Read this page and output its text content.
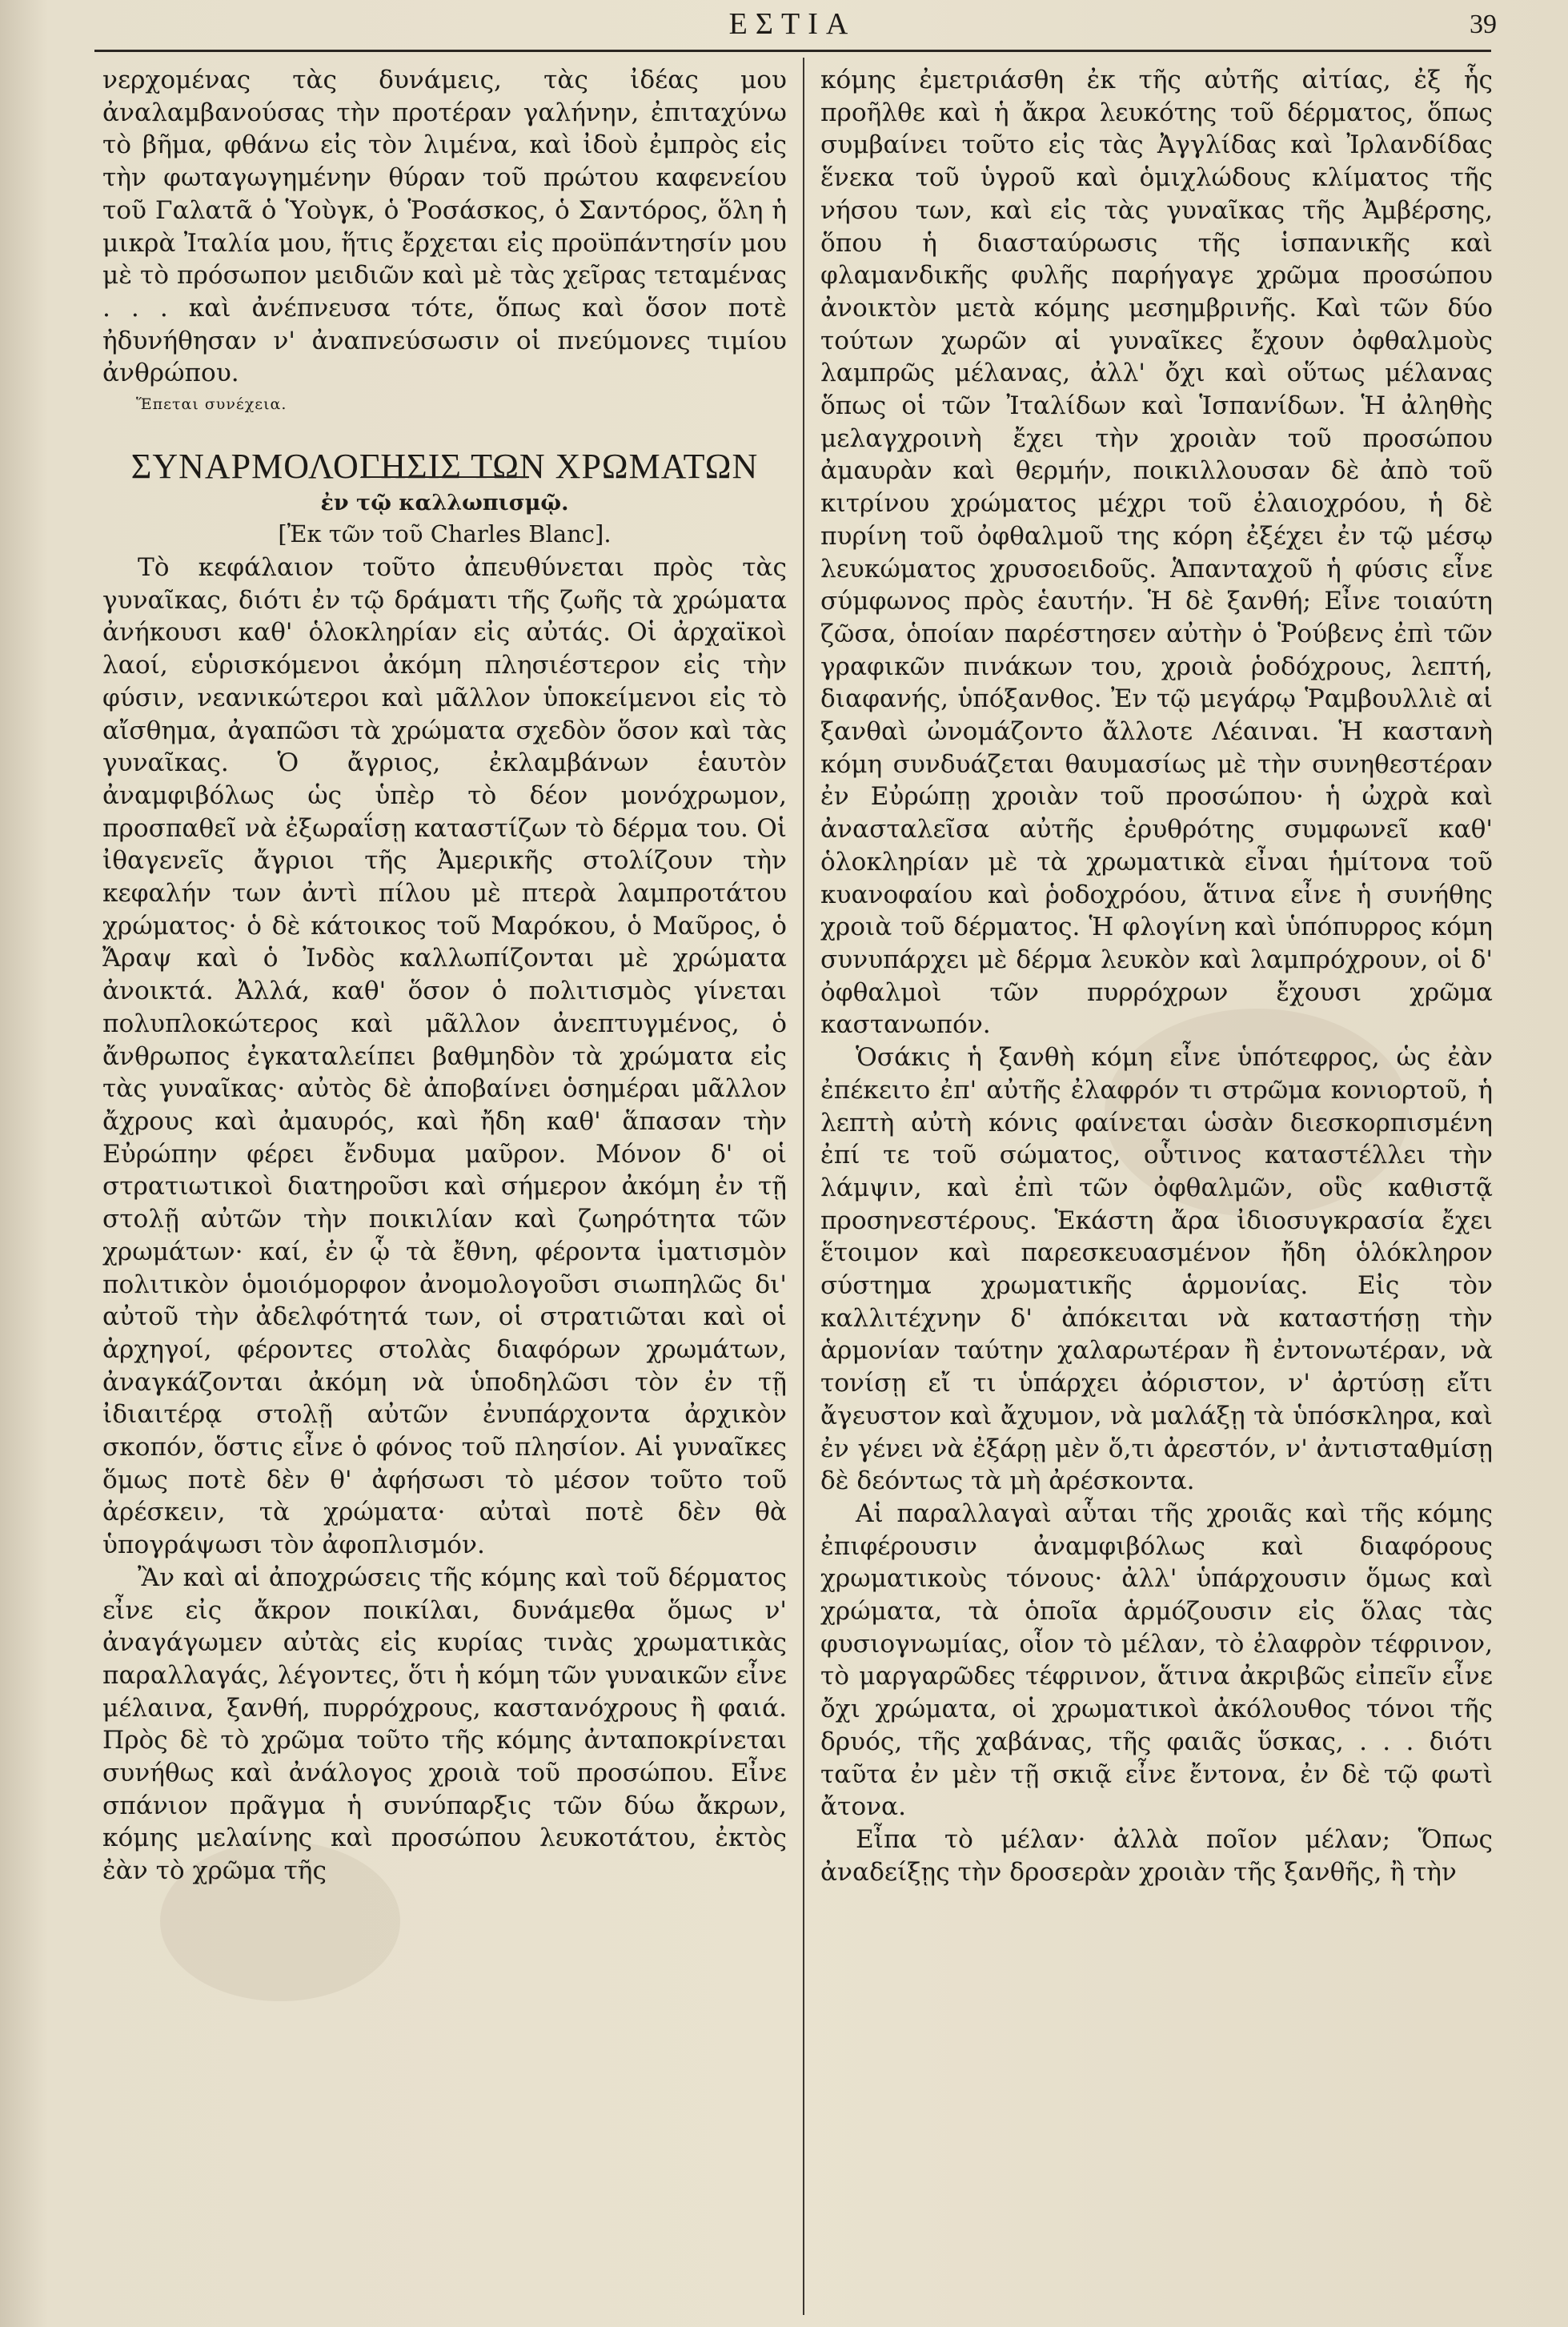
ΕΣΤΙΑ	39

νερχομένας τὰς δυνάμεις, τὰς ἰδέας μου ἀναλαμβανούσας τὴν προτέραν γαλήνην, ἐπιταχύνω τὸ βῆμα, φθάνω εἰς τὸν λιμένα, καὶ ἰδοὺ ἐμπρὸς εἰς τὴν φωταγωγημένην θύραν τοῦ πρώτου καφενείου τοῦ Γαλατᾶ ὁ Ὑοὺγκ, ὁ Ῥοσάσκος, ὁ Σαντόρος, ὅλη ἡ μικρὰ Ἰταλία μου, ἥτις ἔρχεται εἰς προϋπάντησίν μου μὲ τὸ πρόσωπον μειδιῶν καὶ μὲ τὰς χεῖρας τεταμένας . . . καὶ ἀνέπνευσα τότε, ὅπως καὶ ὅσον ποτὲ ἠδυνήθησαν ν' ἀναπνεύσωσιν οἱ πνεύμονες τιμίου ἀνθρώπου.

Ἕπεται συνέχεια.

ΣΥΝΑΡΜΟΛΟΓΗΣΙΣ ΤΩΝ ΧΡΩΜΑΤΩΝ

ἐν τῷ καλλωπισμῷ.

[Ἐκ τῶν τοῦ Charles Blanc].

Τὸ κεφάλαιον τοῦτο ἀπευθύνεται πρὸς τὰς γυναῖκας, διότι ἐν τῷ δράματι τῆς ζωῆς τὰ χρώματα ἀνήκουσι καθ' ὁλοκληρίαν εἰς αὐτάς. Οἱ ἀρχαϊκοὶ λαοί, εὑρισκόμενοι ἀκόμη πλησιέστερον εἰς τὴν φύσιν, νεανικώτεροι καὶ μᾶλλον ὑποκείμενοι εἰς τὸ αἴσθημα, ἀγαπῶσι τὰ χρώματα σχεδὸν ὅσον καὶ τὰς γυναῖκας. Ὁ ἄγριος, ἐκλαμβάνων ἑαυτὸν ἀναμφιβόλως ὡς ὑπὲρ τὸ δέον μονόχρωμον, προσπαθεῖ νὰ ἐξωραΐσῃ καταστίζων τὸ δέρμα του. Οἱ ἰθαγενεῖς ἄγριοι τῆς Ἀμερικῆς στολίζουν τὴν κεφαλήν των ἀντὶ πίλου μὲ πτερὰ λαμπροτάτου χρώματος· ὁ δὲ κάτοικος τοῦ Μαρόκου, ὁ Μαῦρος, ὁ Ἄραψ καὶ ὁ Ἰνδὸς καλλωπίζονται μὲ χρώματα ἀνοικτά. Ἀλλά, καθ' ὅσον ὁ πολιτισμὸς γίνεται πολυπλοκώτερος καὶ μᾶλλον ἀνεπτυγμένος, ὁ ἄνθρωπος ἐγκαταλείπει βαθμηδὸν τὰ χρώματα εἰς τὰς γυναῖκας· αὐτὸς δὲ ἀποβαίνει ὁσημέραι μᾶλλον ἄχρους καὶ ἀμαυρός, καὶ ἤδη καθ' ἅπασαν τὴν Εὐρώπην φέρει ἔνδυμα μαῦρον. Μόνον δ' οἱ στρατιωτικοὶ διατηροῦσι καὶ σήμερον ἀκόμη ἐν τῇ στολῇ αὐτῶν τὴν ποικιλίαν καὶ ζωηρότητα τῶν χρωμάτων· καί, ἐν ᾧ τὰ ἔθνη, φέροντα ἱματισμὸν πολιτικὸν ὁμοιόμορφον ἀνομολογοῦσι σιωπηλῶς δι' αὐτοῦ τὴν ἀδελφότητά των, οἱ στρατιῶται καὶ οἱ ἀρχηγοί, φέροντες στολὰς διαφόρων χρωμάτων, ἀναγκάζονται ἀκόμη νὰ ὑποδηλῶσι τὸν ἐν τῇ ἰδιαιτέρᾳ στολῇ αὐτῶν ἐνυπάρχοντα ἀρχικὸν σκοπόν, ὅστις εἶνε ὁ φόνος τοῦ πλησίον. Αἱ γυναῖκες ὅμως ποτὲ δὲν θ' ἀφήσωσι τὸ μέσον τοῦτο τοῦ ἀρέσκειν, τὰ χρώματα· αὐταὶ ποτὲ δὲν θὰ ὑπογράψωσι τὸν ἀφοπλισμόν.

Ἂν καὶ αἱ ἀποχρώσεις τῆς κόμης καὶ τοῦ δέρματος εἶνε εἰς ἄκρον ποικίλαι, δυνάμεθα ὅμως ν' ἀναγάγωμεν αὐτὰς εἰς κυρίας τινὰς χρωματικὰς παραλλαγάς, λέγοντες, ὅτι ἡ κόμη τῶν γυναικῶν εἶνε μέλαινα, ξανθή, πυρρόχρους, καστανόχρους ἢ φαιά. Πρὸς δὲ τὸ χρῶμα τοῦτο τῆς κόμης ἀνταποκρίνεται συνήθως καὶ ἀνάλογος χροιὰ τοῦ προσώπου. Εἶνε σπάνιον πρᾶγμα ἡ συνύπαρξις τῶν δύω ἄκρων, κόμης μελαίνης καὶ προσώπου λευκοτάτου, ἐκτὸς ἐὰν τὸ χρῶμα τῆς

κόμης ἐμετριάσθη ἐκ τῆς αὐτῆς αἰτίας, ἐξ ἧς προῆλθε καὶ ἡ ἄκρα λευκότης τοῦ δέρματος, ὅπως συμβαίνει τοῦτο εἰς τὰς Ἀγγλίδας καὶ Ἰρλανδίδας ἕνεκα τοῦ ὑγροῦ καὶ ὁμιχλώδους κλίματος τῆς νήσου των, καὶ εἰς τὰς γυναῖκας τῆς Ἀμβέρσης, ὅπου ἡ διασταύρωσις τῆς ἱσπανικῆς καὶ φλαμανδικῆς φυλῆς παρήγαγε χρῶμα προσώπου ἀνοικτὸν μετὰ κόμης μεσημβρινῆς. Καὶ τῶν δύο τούτων χωρῶν αἱ γυναῖκες ἔχουν ὀφθαλμοὺς λαμπρῶς μέλανας, ἀλλ' ὄχι καὶ οὕτως μέλανας ὅπως οἱ τῶν Ἰταλίδων καὶ Ἱσπανίδων. Ἡ ἀληθὴς μελαγχροινὴ ἔχει τὴν χροιὰν τοῦ προσώπου ἀμαυρὰν καὶ θερμήν, ποικιλλουσαν δὲ ἀπὸ τοῦ κιτρίνου χρώματος μέχρι τοῦ ἐλαιοχρόου, ἡ δὲ πυρίνη τοῦ ὀφθαλμοῦ της κόρη ἐξέχει ἐν τῷ μέσῳ λευκώματος χρυσοειδοῦς. Ἁπανταχοῦ ἡ φύσις εἶνε σύμφωνος πρὸς ἑαυτήν. Ἡ δὲ ξανθή; Εἶνε τοιαύτη ζῶσα, ὁποίαν παρέστησεν αὐτὴν ὁ Ῥούβενς ἐπὶ τῶν γραφικῶν πινάκων του, χροιὰ ῥοδόχρους, λεπτή, διαφανής, ὑπόξανθος. Ἐν τῷ μεγάρῳ Ῥαμβουλλιὲ αἱ ξανθαὶ ὠνομάζοντο ἄλλοτε Λέαιναι. Ἡ καστανὴ κόμη συνδυάζεται θαυμασίως μὲ τὴν συνηθεστέραν ἐν Εὐρώπῃ χροιὰν τοῦ προσώπου· ἡ ὠχρὰ καὶ ἀνασταλεῖσα αὐτῆς ἐρυθρότης συμφωνεῖ καθ' ὁλοκληρίαν μὲ τὰ χρωματικὰ εἶναι ἡμίτονα τοῦ κυανοφαίου καὶ ῥοδοχρόου, ἅτινα εἶνε ἡ συνήθης χροιὰ τοῦ δέρματος. Ἡ φλογίνη καὶ ὑπόπυρρος κόμη συνυπάρχει μὲ δέρμα λευκὸν καὶ λαμπρόχρουν, οἱ δ' ὀφθαλμοὶ τῶν πυρρόχρων ἔχουσι χρῶμα καστανωπόν.

Ὁσάκις ἡ ξανθὴ κόμη εἶνε ὑπότεφρος, ὡς ἐὰν ἐπέκειτο ἐπ' αὐτῆς ἐλαφρόν τι στρῶμα κονιορτοῦ, ἡ λεπτὴ αὐτὴ κόνις φαίνεται ὡσὰν διεσκορπισμένη ἐπί τε τοῦ σώματος, οὗτινος καταστέλλει τὴν λάμψιν, καὶ ἐπὶ τῶν ὀφθαλμῶν, οὓς καθιστᾷ προσηνεστέρους. Ἑκάστη ἄρα ἰδιοσυγκρασία ἔχει ἕτοιμον καὶ παρεσκευασμένον ἤδη ὁλόκληρον σύστημα χρωματικῆς ἁρμονίας. Εἰς τὸν καλλιτέχνην δ' ἀπόκειται νὰ καταστήσῃ τὴν ἁρμονίαν ταύτην χαλαρωτέραν ἢ ἐντονωτέραν, νὰ τονίσῃ εἴ τι ὑπάρχει ἀόριστον, ν' ἀρτύσῃ εἴτι ἄγευστον καὶ ἄχυμον, νὰ μαλάξῃ τὰ ὑπόσκληρα, καὶ ἐν γένει νὰ ἐξάρῃ μὲν ὅ,τι ἀρεστόν, ν' ἀντισταθμίσῃ δὲ δεόντως τὰ μὴ ἀρέσκοντα.

Αἱ παραλλαγαὶ αὗται τῆς χροιᾶς καὶ τῆς κόμης ἐπιφέρουσιν ἀναμφιβόλως καὶ διαφόρους χρωματικοὺς τόνους· ἀλλ' ὑπάρχουσιν ὅμως καὶ χρώματα, τὰ ὁποῖα ἁρμόζουσιν εἰς ὅλας τὰς φυσιογνωμίας, οἷον τὸ μέλαν, τὸ ἐλαφρὸν τέφρινον, τὸ μαργαρῶδες τέφρινον, ἅτινα ἀκριβῶς εἰπεῖν εἶνε ὄχι χρώματα, οἱ χρωματικοὶ ἀκόλουθος τόνοι τῆς δρυός, τῆς χαβάνας, τῆς φαιᾶς ὕσκας, . . . διότι ταῦτα ἐν μὲν τῇ σκιᾷ εἶνε ἔντονα, ἐν δὲ τῷ φωτὶ ἄτονα.

Εἶπα τὸ μέλαν· ἀλλὰ ποῖον μέλαν; Ὅπως ἀναδείξῃς τὴν δροσερὰν χροιὰν τῆς ξανθῆς, ἢ τὴν
